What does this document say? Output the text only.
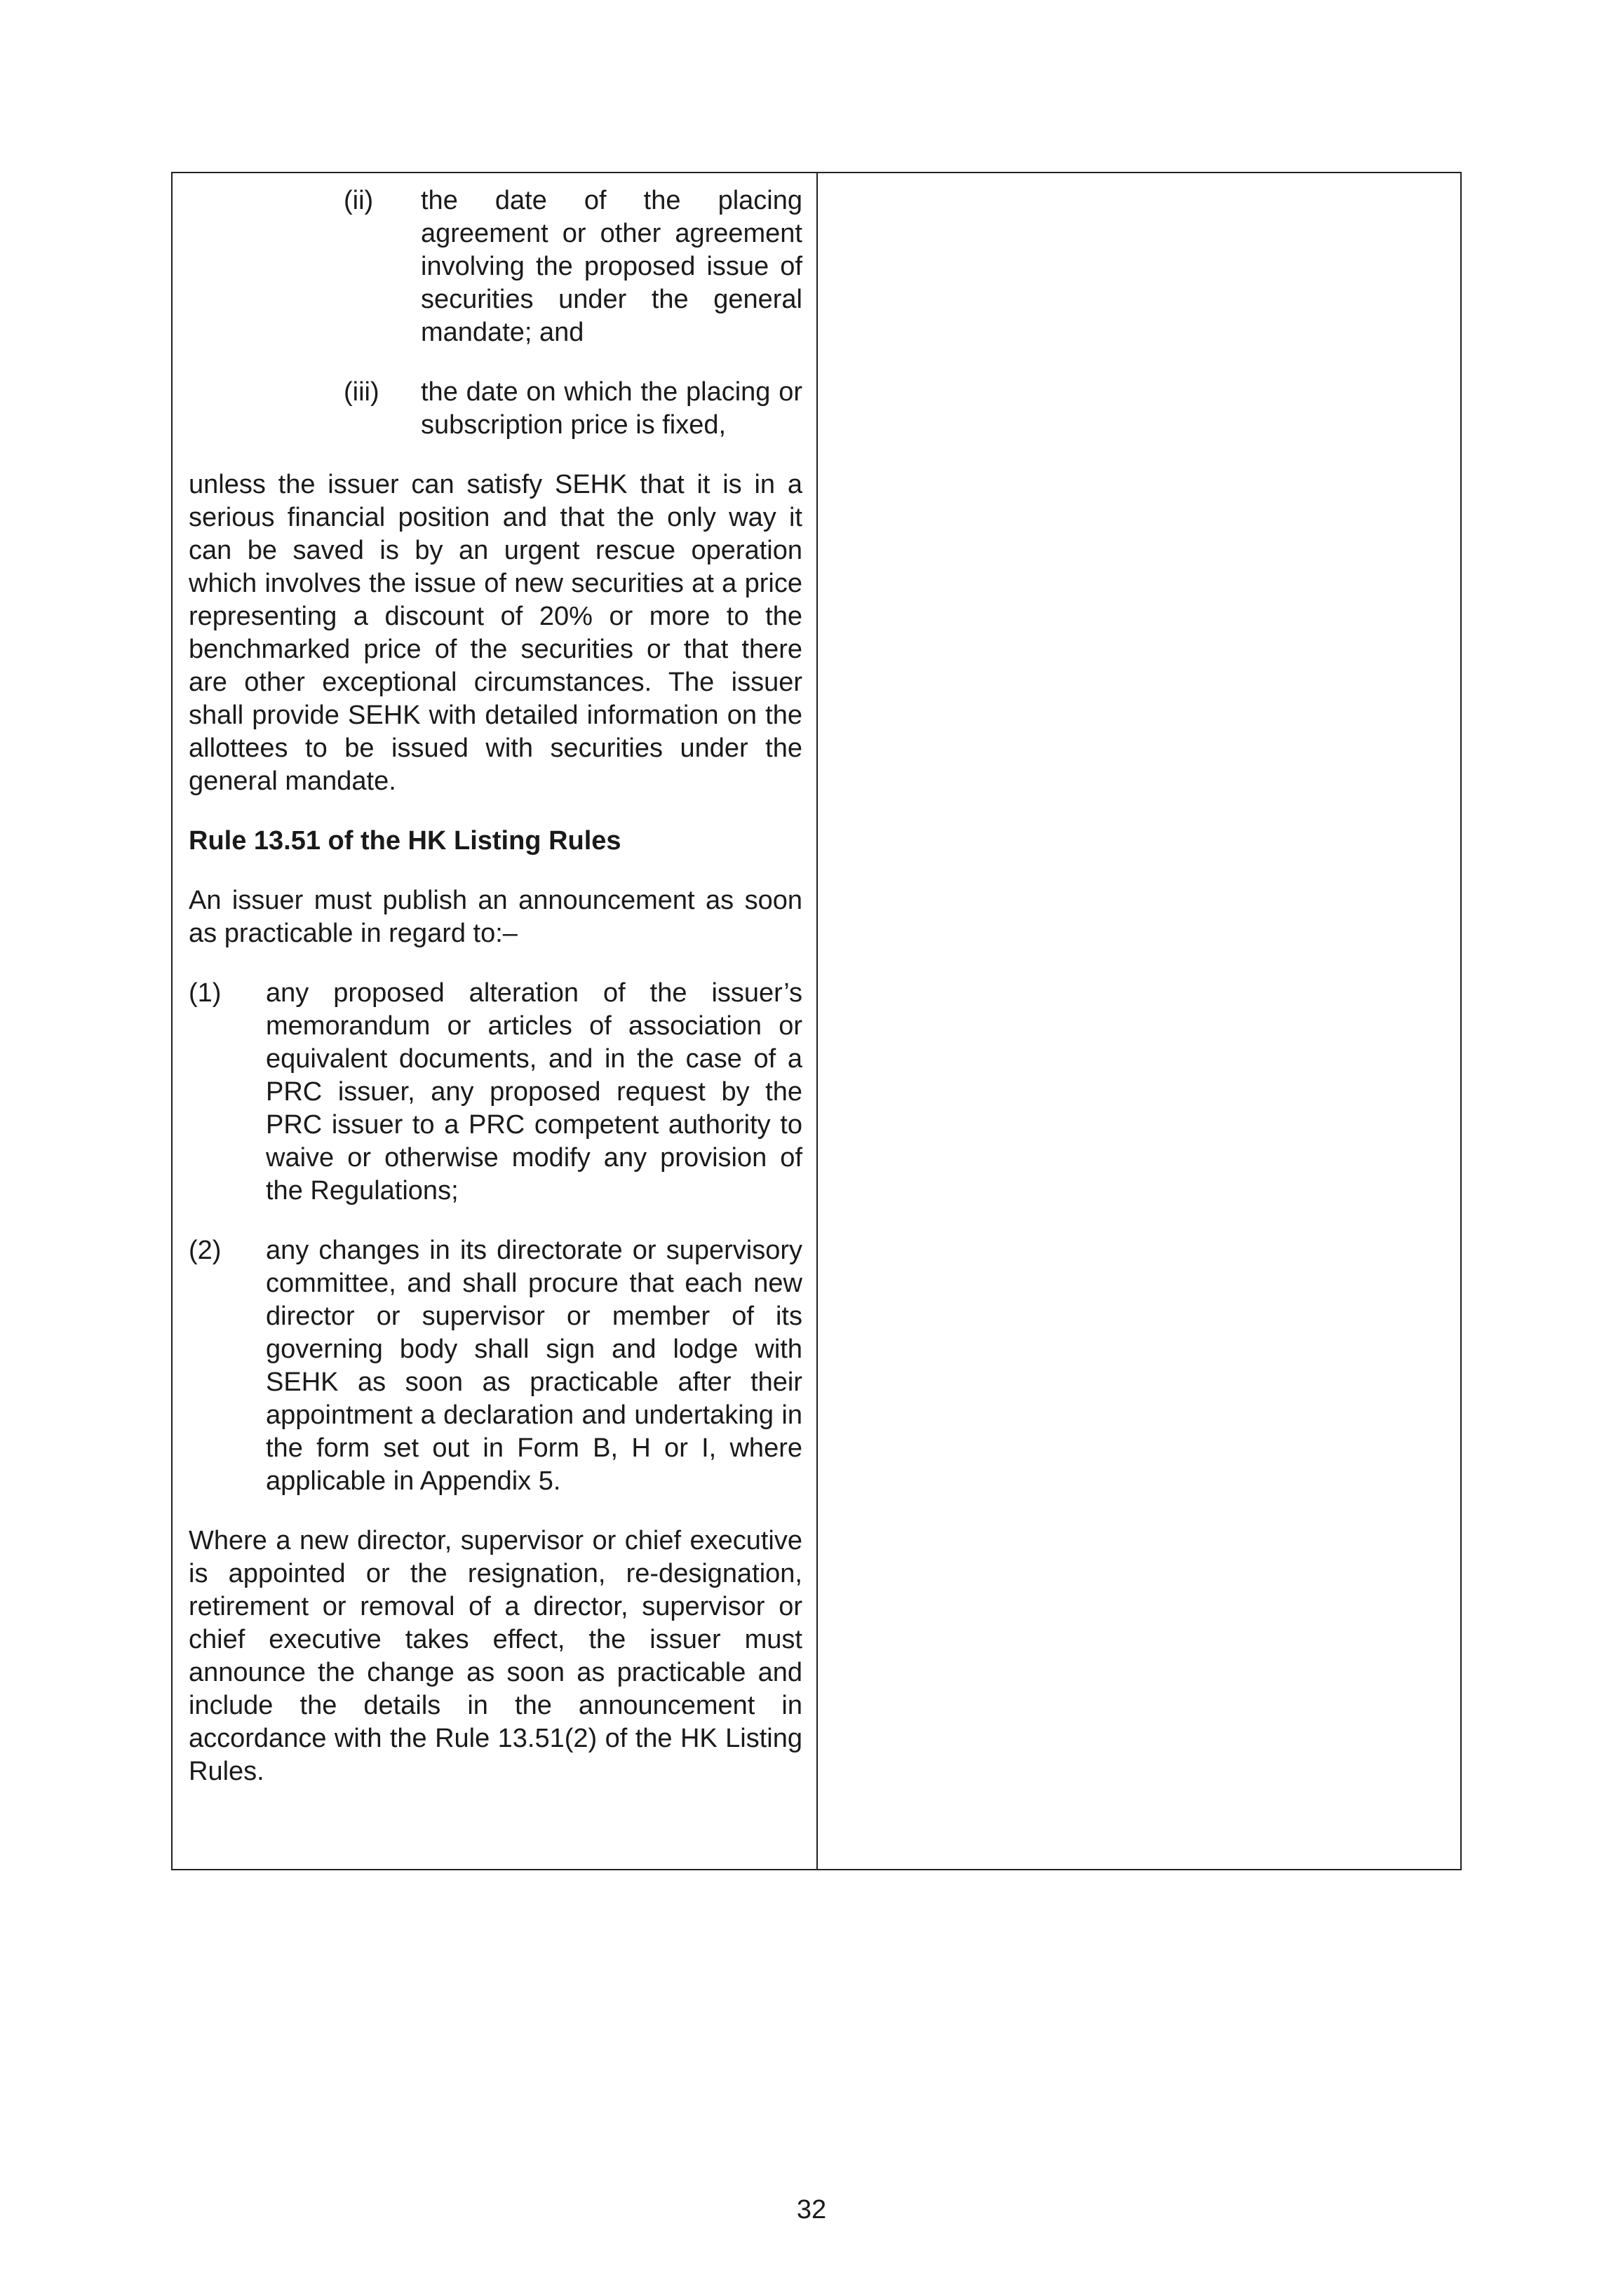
(ii)	the date of the placing agreement or other agreement involving the proposed issue of securities under the general mandate; and
(iii)	the date on which the placing or subscription price is fixed,

unless the issuer can satisfy SEHK that it is in a serious financial position and that the only way it can be saved is by an urgent rescue operation which involves the issue of new securities at a price representing a discount of 20% or more to the benchmarked price of the securities or that there are other exceptional circumstances. The issuer shall provide SEHK with detailed information on the allottees to be issued with securities under the general mandate.

Rule 13.51 of the HK Listing Rules

An issuer must publish an announcement as soon as practicable in regard to:–

(1)	any proposed alteration of the issuer’s memorandum or articles of association or equivalent documents, and in the case of a PRC issuer, any proposed request by the PRC issuer to a PRC competent authority to waive or otherwise modify any provision of the Regulations;
(2)	any changes in its directorate or supervisory committee, and shall procure that each new director or supervisor or member of its governing body shall sign and lodge with SEHK as soon as practicable after their appointment a declaration and undertaking in the form set out in Form B, H or I, where applicable in Appendix 5.

Where a new director, supervisor or chief executive is appointed or the resignation, re-designation, retirement or removal of a director, supervisor or chief executive takes effect, the issuer must announce the change as soon as practicable and include the details in the announcement in accordance with the Rule 13.51(2) of the HK Listing Rules.

32
